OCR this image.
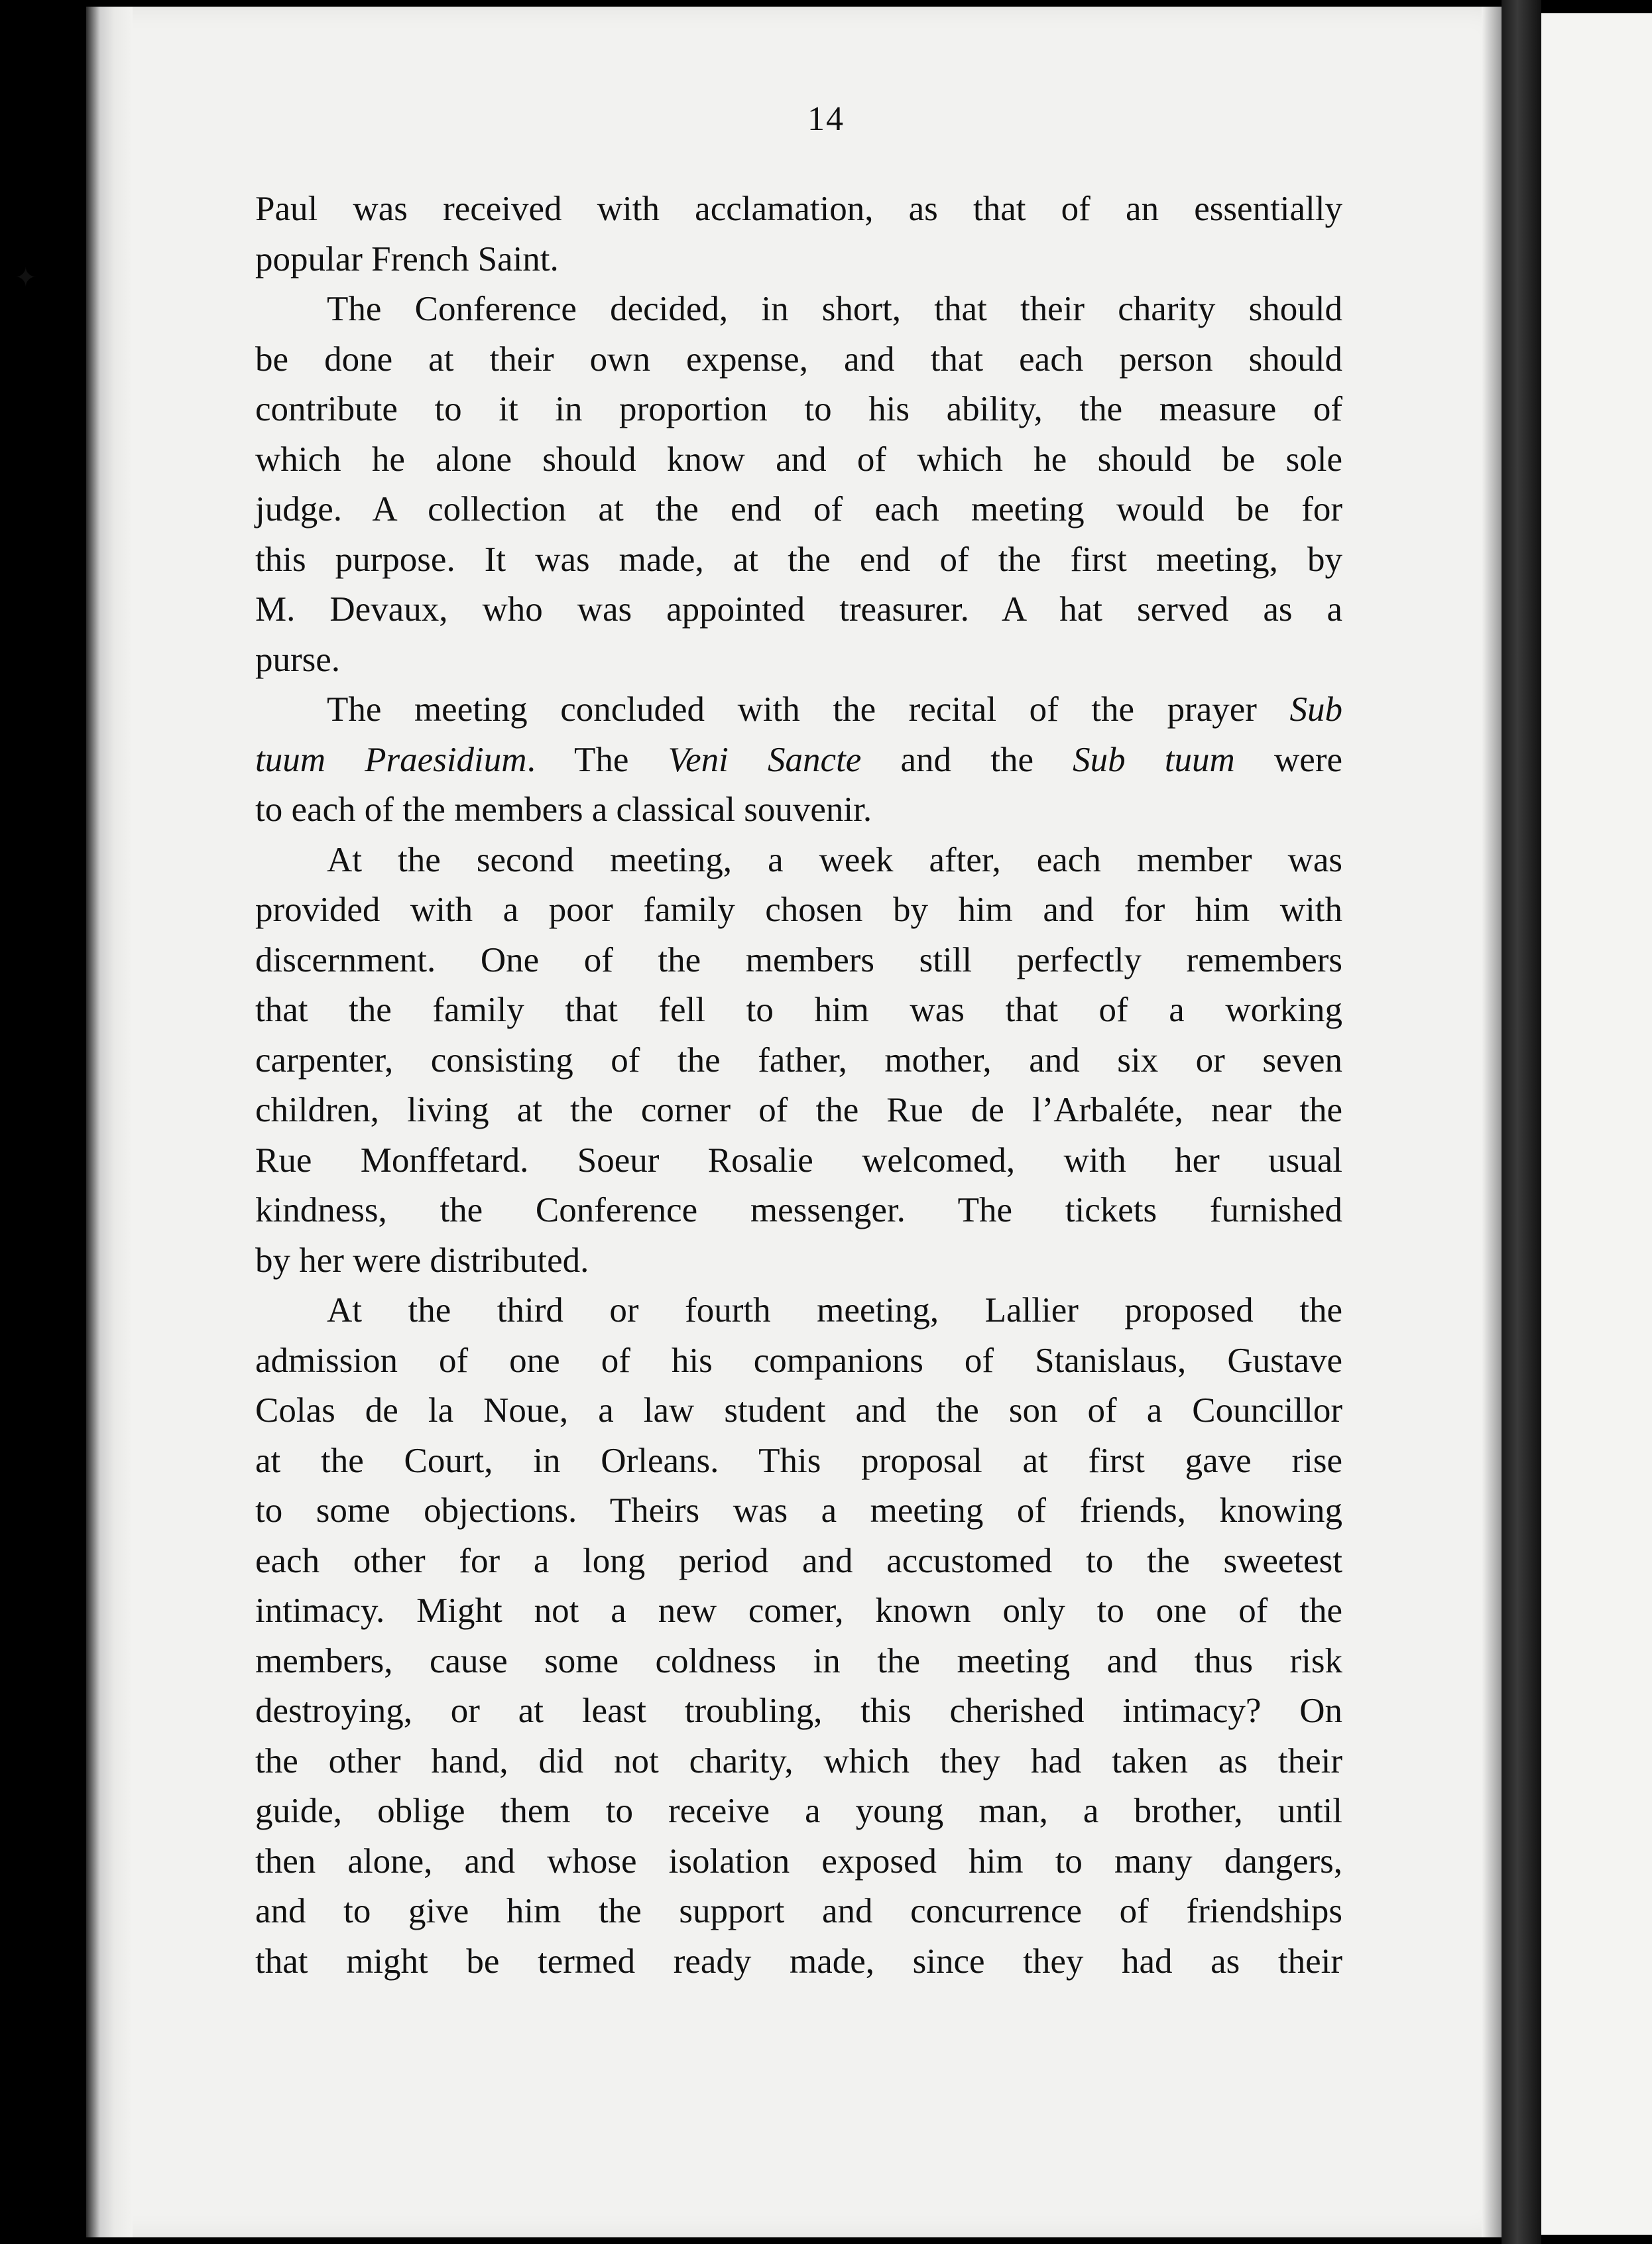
14
Paul was received with acclamation, as that of an essentially
popular French Saint.
The Conference decided, in short, that their charity should
be done at their own expense, and that each person should
contribute to it in proportion to his ability, the measure of
which he alone should know and of which he should be sole
judge. A collection at the end of each meeting would be for
this purpose. It was made, at the end of the first meeting, by
M. Devaux, who was appointed treasurer. A hat served as a
purse.
The meeting concluded with the recital of the prayer Sub
tuum Praesidium. The Veni Sancte and the Sub tuum were
to each of the members a classical souvenir.
At the second meeting, a week after, each member was
provided with a poor family chosen by him and for him with
discernment. One of the members still perfectly remembers
that the family that fell to him was that of a working
carpenter, consisting of the father, mother, and six or seven
children, living at the corner of the Rue de l’Arbaléte, near the
Rue Monffetard. Soeur Rosalie welcomed, with her usual
kindness, the Conference messenger. The tickets furnished
by her were distributed.
At the third or fourth meeting, Lallier proposed the
admission of one of his companions of Stanislaus, Gustave
Colas de la Noue, a law student and the son of a Councillor
at the Court, in Orleans. This proposal at first gave rise
to some objections. Theirs was a meeting of friends, knowing
each other for a long period and accustomed to the sweetest
intimacy. Might not a new comer, known only to one of the
members, cause some coldness in the meeting and thus risk
destroying, or at least troubling, this cherished intimacy? On
the other hand, did not charity, which they had taken as their
guide, oblige them to receive a young man, a brother, until
then alone, and whose isolation exposed him to many dangers,
and to give him the support and concurrence of friendships
that might be termed ready made, since they had as their
✦
